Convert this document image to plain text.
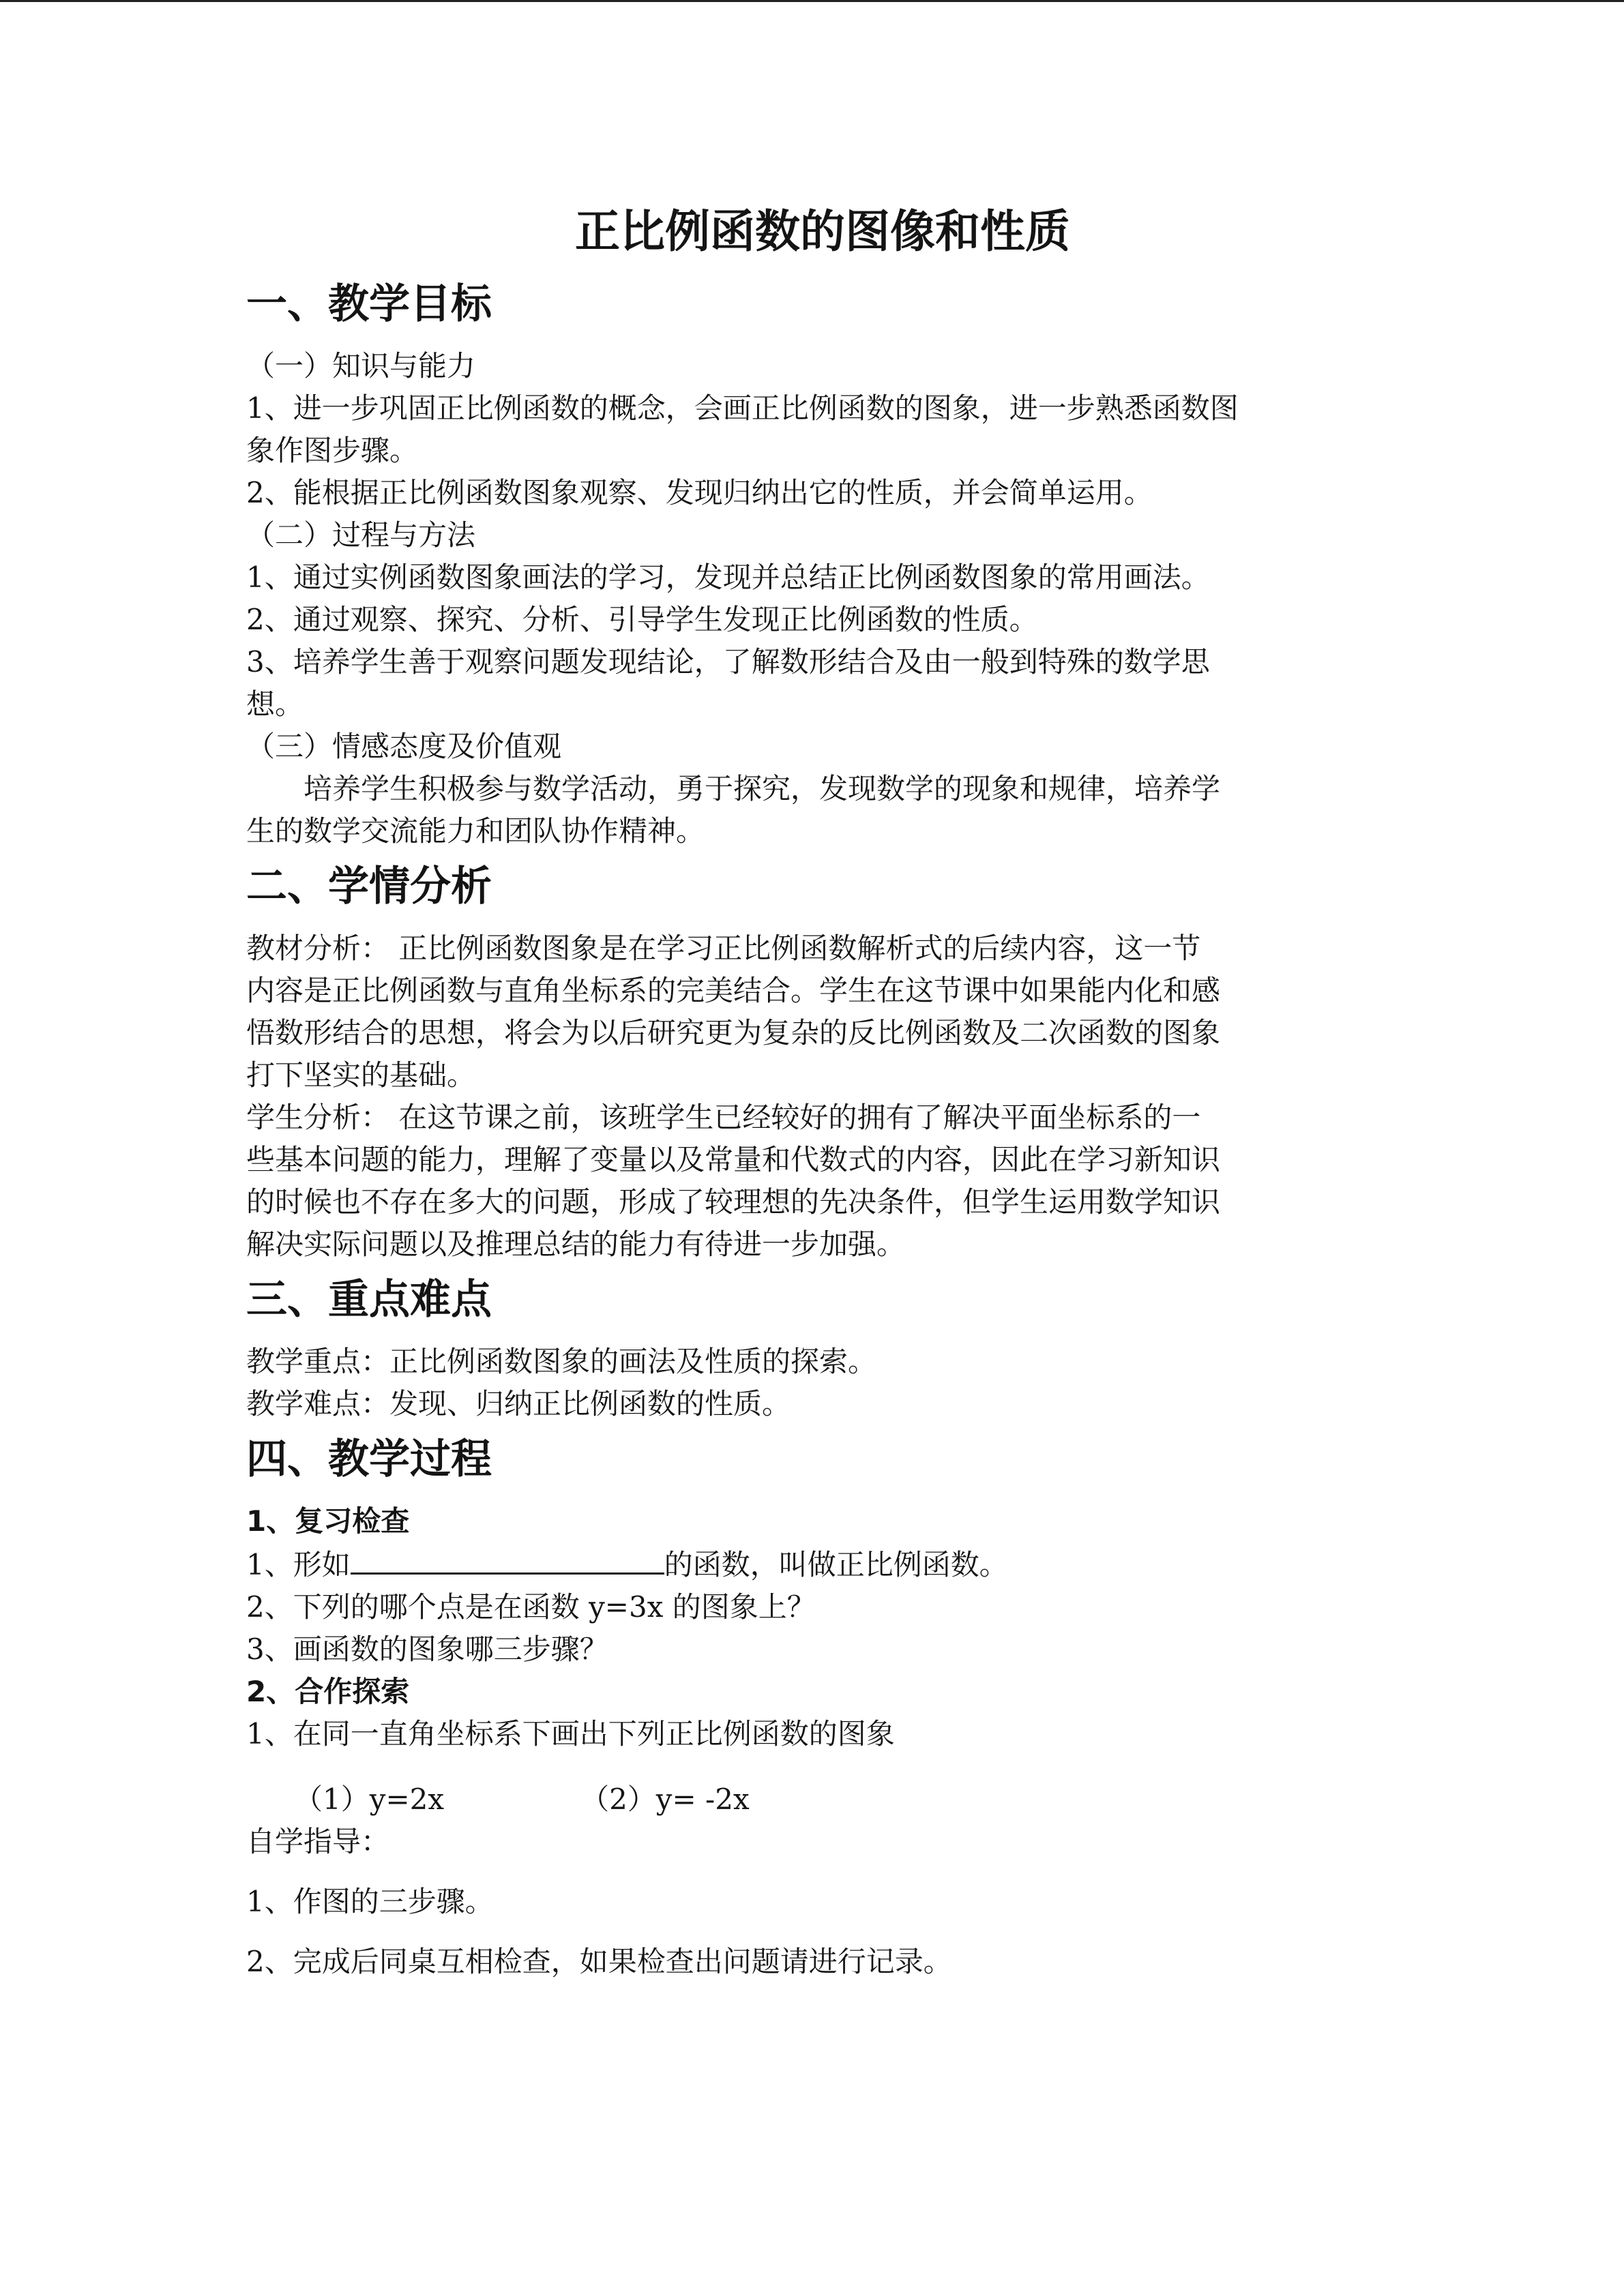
正比例函数的图像和性质
一、教学目标
（一）知识与能力
1、进一步巩固正比例函数的概念，会画正比例函数的图象，进一步熟悉函数图
象作图步骤。
2、能根据正比例函数图象观察、发现归纳出它的性质，并会简单运用。
（二）过程与方法
1、通过实例函数图象画法的学习，发现并总结正比例函数图象的常用画法。
2、通过观察、探究、分析、引导学生发现正比例函数的性质。
3、培养学生善于观察问题发现结论，了解数形结合及由一般到特殊的数学思
想。
（三）情感态度及价值观
培养学生积极参与数学活动，勇于探究，发现数学的现象和规律，培养学
生的数学交流能力和团队协作精神。
二、学情分析
教材分析： 正比例函数图象是在学习正比例函数解析式的后续内容，这一节
内容是正比例函数与直角坐标系的完美结合。学生在这节课中如果能内化和感
悟数形结合的思想，将会为以后研究更为复杂的反比例函数及二次函数的图象
打下坚实的基础。
学生分析： 在这节课之前，该班学生已经较好的拥有了解决平面坐标系的一
些基本问题的能力，理解了变量以及常量和代数式的内容，因此在学习新知识
的时候也不存在多大的问题，形成了较理想的先决条件，但学生运用数学知识
解决实际问题以及推理总结的能力有待进一步加强。
三、重点难点
教学重点：正比例函数图象的画法及性质的探索。
教学难点：发现、归纳正比例函数的性质。
四、教学过程
1、复习检查
1、形如	的函数，叫做正比例函数。
2、下列的哪个点是在函数 y=3x 的图象上？
3、画函数的图象哪三步骤？
2、合作探索
1、在同一直角坐标系下画出下列正比例函数的图象
（1）y=2x	（2）y= -2x
自学指导：
1、作图的三步骤。
2、完成后同桌互相检查，如果检查出问题请进行记录。
